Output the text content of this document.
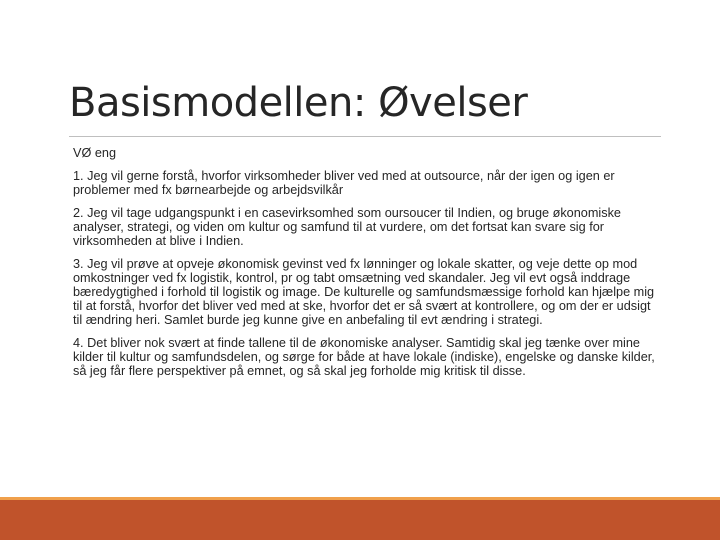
Basismodellen: Øvelser

VØ eng

1. Jeg vil gerne forstå, hvorfor virksomheder bliver ved med at outsource, når der igen og igen er problemer med fx børnearbejde og arbejdsvilkår

2. Jeg vil tage udgangspunkt i en casevirksomhed som oursoucer til Indien, og bruge økonomiske analyser, strategi, og viden om kultur og samfund til at vurdere, om det fortsat kan svare sig for virksomheden at blive i Indien.

3. Jeg vil prøve at opveje økonomisk gevinst ved fx lønninger og lokale skatter, og veje dette op mod omkostninger ved fx logistik, kontrol, pr og tabt omsætning ved skandaler. Jeg vil evt også inddrage bæredygtighed i forhold til logistik og image. De kulturelle og samfundsmæssige forhold kan hjælpe mig til at forstå, hvorfor det bliver ved med at ske, hvorfor det er så svært at kontrollere, og om der er udsigt til ændring heri. Samlet burde jeg kunne give en anbefaling til evt ændring i strategi.

4. Det bliver nok svært at finde tallene til de økonomiske analyser. Samtidig skal jeg tænke over mine kilder til kultur og samfundsdelen, og sørge for både at have lokale (indiske), engelske og danske kilder, så jeg får flere perspektiver på emnet, og så skal jeg forholde mig kritisk til disse.
